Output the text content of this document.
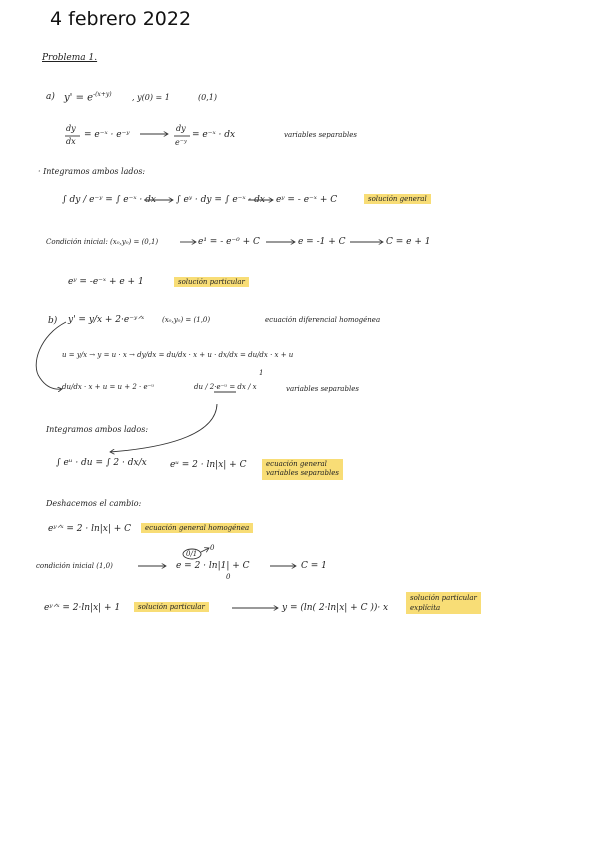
4 febrero 2022
Problema 1.
a) $y' = e^{-(x+y)}$	, y(0) = 1	(0,1)
dy
dx
= e⁻ˣ · e⁻ʸ
dy
e⁻ʸ
= e⁻ˣ · dx	variables separables
· Integramos ambos lados:
∫ dy / e⁻ʸ = ∫ e⁻ˣ · dx ∫ eʸ · dy = ∫ e⁻ˣ · dx eʸ = - e⁻ˣ + C	solución general
Condición inicial: (x₀,y₀) = (0,1)	e¹ = - e⁻⁰ + C	e = -1 + C	C = e + 1
eʸ = -e⁻ˣ + e + 1	solución particular
b) y' = y/x + 2·e⁻ʸᐟˣ	(x₀,y₀) = (1,0)	ecuación diferencial homogénea
u = y/x → y = u · x → dy/dx = du/dx · x + u · dx/dx = du/dx · x + u
1
du/dx · x + u = u + 2 · e⁻ᵘ	du / 2·e⁻ᵘ = dx / x	variables separables
Integramos ambos lados:
∫ eᵘ · du = ∫ 2 · dx/x	eᵘ = 2 · ln|x| + C	ecuación general
variables separables
Deshacemos el cambio:
eʸᐟˣ = 2 · ln|x| + C	ecuación general homogénea
condición inicial (1,0)
0/1
0
e = 2 · ln|1| + C
0
C = 1
eʸᐟˣ = 2·ln|x| + 1	solución particular	y = (ln( 2·ln|x| + C ))· x
solución particular
explícita
